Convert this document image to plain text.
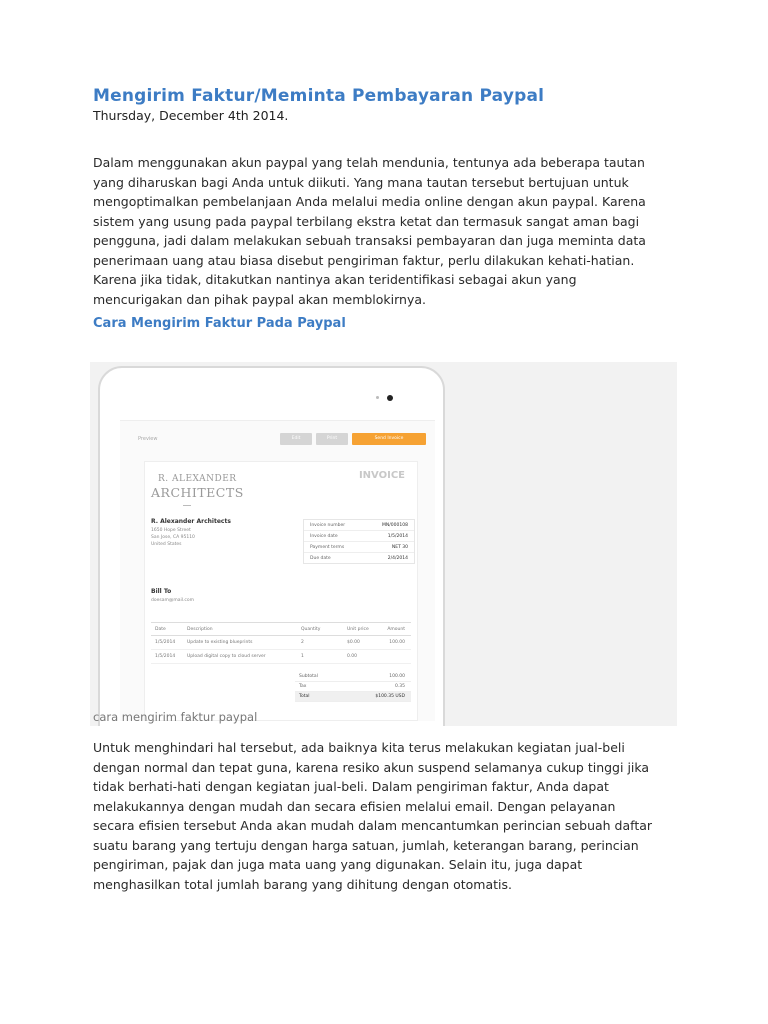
Mengirim Faktur/Meminta Pembayaran Paypal
Thursday, December 4th 2014.

Dalam menggunakan akun paypal yang telah mendunia, tentunya ada beberapa tautan
yang diharuskan bagi Anda untuk diikuti. Yang mana tautan tersebut bertujuan untuk
mengoptimalkan pembelanjaan Anda melalui media online dengan akun paypal. Karena
sistem yang usung pada paypal terbilang ekstra ketat dan termasuk sangat aman bagi
pengguna, jadi dalam melakukan sebuah transaksi pembayaran dan juga meminta data
penerimaan uang atau biasa disebut pengiriman faktur, perlu dilakukan kehati-hatian.
Karena jika tidak, ditakutkan nantinya akan teridentifikasi sebagai akun yang
mencurigakan dan pihak paypal akan memblokirnya.

Cara Mengirim Faktur Pada Paypal
Preview	Edit	Print	Send Invoice
INVOICE
R. ALEXANDER
ARCHITECTS
R. Alexander Architects
1650 Hope Street
San Jose, CA 95110
United States
Invoice number	MN/000108
Invoice date	1/5/2014
Payment terms	NET 30
Due date	2/4/2014
Bill To
doesam@mail.com
Date	Description	Quantity	Unit price	Amount
1/5/2014	Update to existing blueprints	2	$0.00	100.00
1/5/2014	Upload digital copy to cloud server	1	0.00
Subtotal	100.00
Tax	0.35
Total	$100.35 USD
cara mengirim faktur paypal

Untuk menghindari hal tersebut, ada baiknya kita terus melakukan kegiatan jual-beli
dengan normal dan tepat guna, karena resiko akun suspend selamanya cukup tinggi jika
tidak berhati-hati dengan kegiatan jual-beli. Dalam pengiriman faktur, Anda dapat
melakukannya dengan mudah dan secara efisien melalui email. Dengan pelayanan
secara efisien tersebut Anda akan mudah dalam mencantumkan perincian sebuah daftar
suatu barang yang tertuju dengan harga satuan, jumlah, keterangan barang, perincian
pengiriman, pajak dan juga mata uang yang digunakan. Selain itu, juga dapat
menghasilkan total jumlah barang yang dihitung dengan otomatis.
